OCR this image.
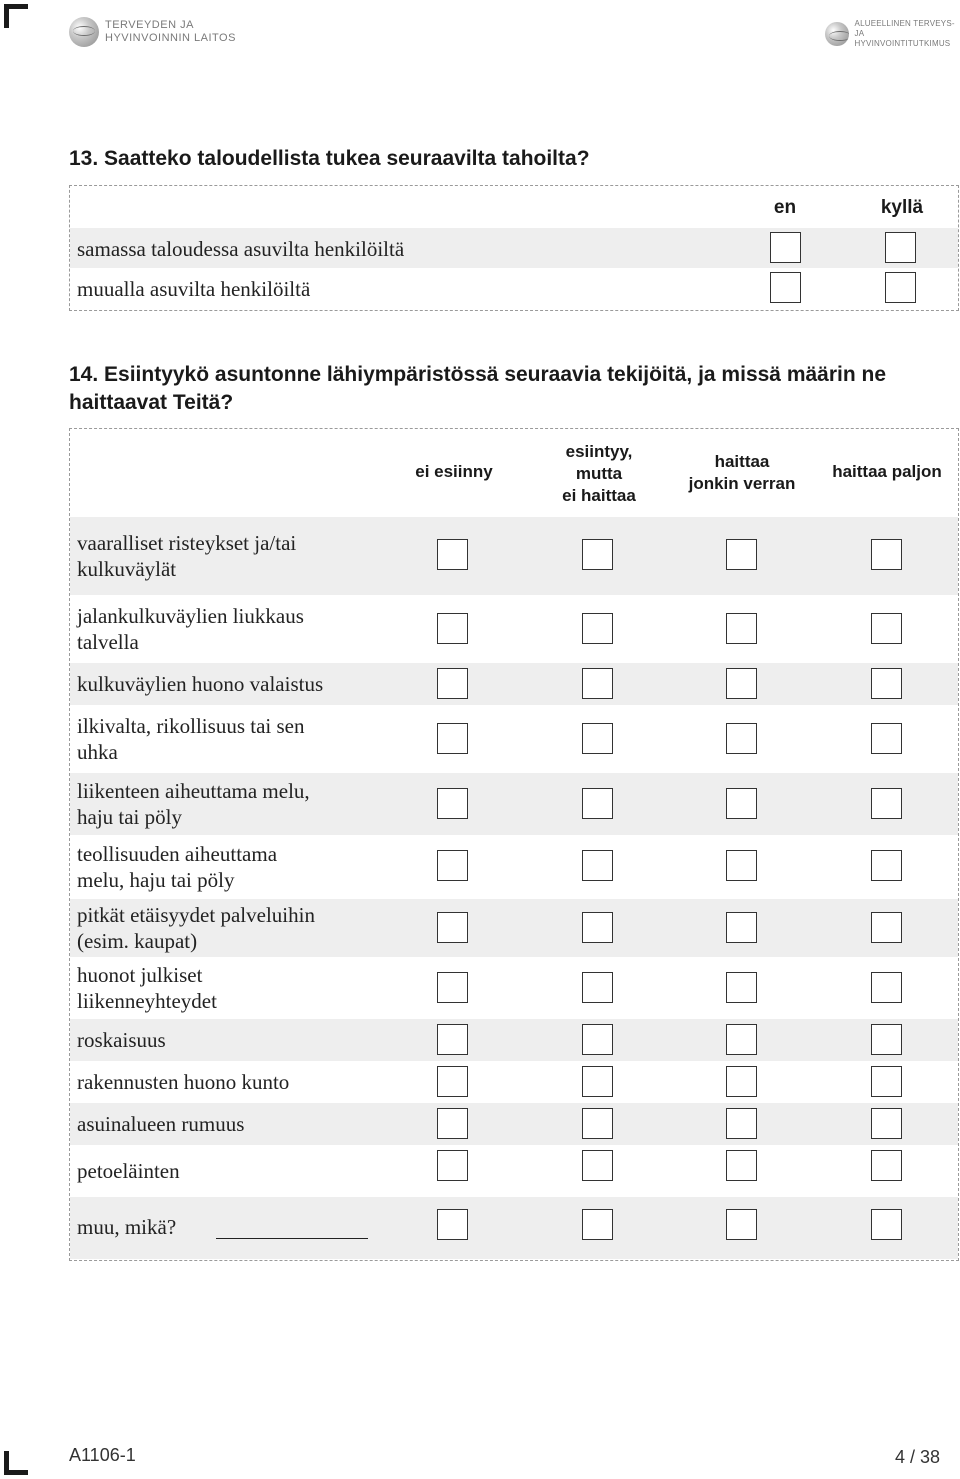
TERVEYDEN JA
HYVINVOINNIN LAITOS
ALUEELLINEN TERVEYS-
JA HYVINVOINTITUTKIMUS
13. Saatteko taloudellista tukea seuraavilta tahoilta?
en	kyllä
samassa taloudessa asuvilta henkilöiltä
muualla asuvilta henkilöiltä
14. Esiintyykö asuntonne lähiympäristössä seuraavia tekijöitä, ja missä määrin ne
haittaavat Teitä?
ei esiinny
esiintyy,
mutta
ei haittaa
haittaa
jonkin verran
haittaa paljon
vaaralliset risteykset ja/tai
kulkuväylät
jalankulkuväylien liukkaus
talvella
kulkuväylien huono valaistus
ilkivalta, rikollisuus tai sen
uhka
liikenteen aiheuttama melu,
haju tai pöly
teollisuuden aiheuttama
melu, haju tai pöly
pitkät etäisyydet palveluihin
(esim. kaupat)
huonot julkiset
liikenneyhteydet
roskaisuus
rakennusten huono kunto
asuinalueen rumuus
petoeläinten
muu, mikä?
A1106-1	4 / 38
